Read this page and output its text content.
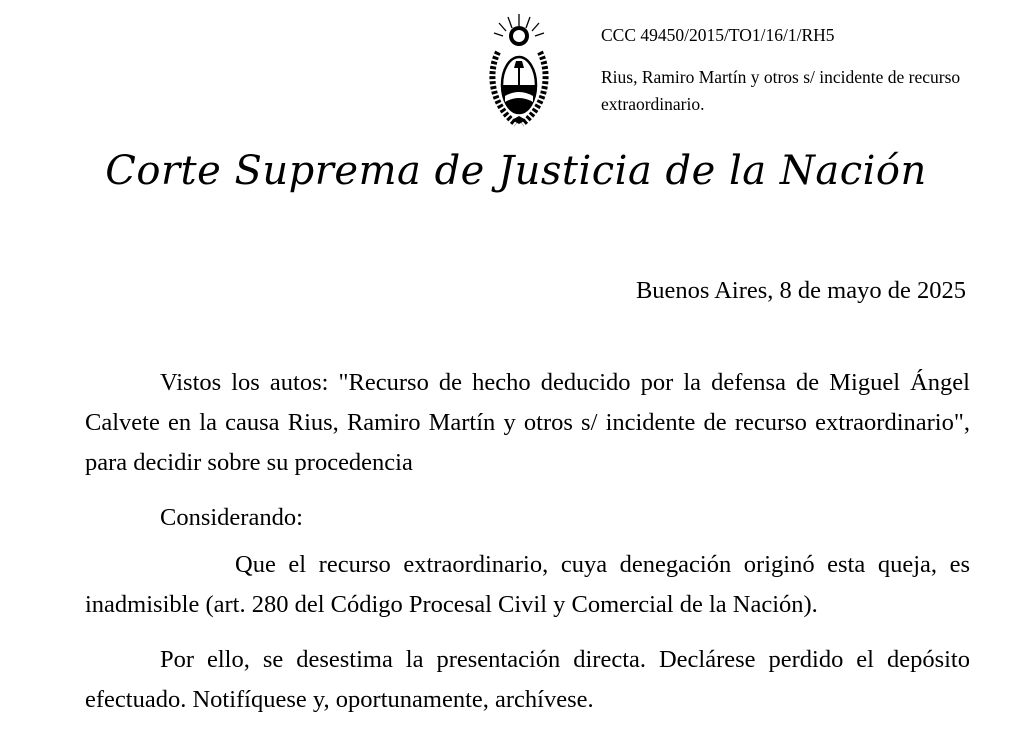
CCC 49450/2015/TO1/16/1/RH5
Rius, Ramiro Martín y otros s/ incidente de recurso extraordinario.
Corte Suprema de Justicia de la Nación
Buenos Aires, 8 de mayo de 2025

Vistos los autos: "Recurso de hecho deducido por la defensa de Miguel Ángel Calvete en la causa Rius, Ramiro Martín y otros s/ incidente de recurso extraordinario", para decidir sobre su procedencia

Considerando:

Que el recurso extraordinario, cuya denegación originó esta queja, es inadmisible (art. 280 del Código Procesal Civil y Comercial de la Nación).

Por ello, se desestima la presentación directa. Declárese perdido el depósito efectuado. Notifíquese y, oportunamente, archívese.
